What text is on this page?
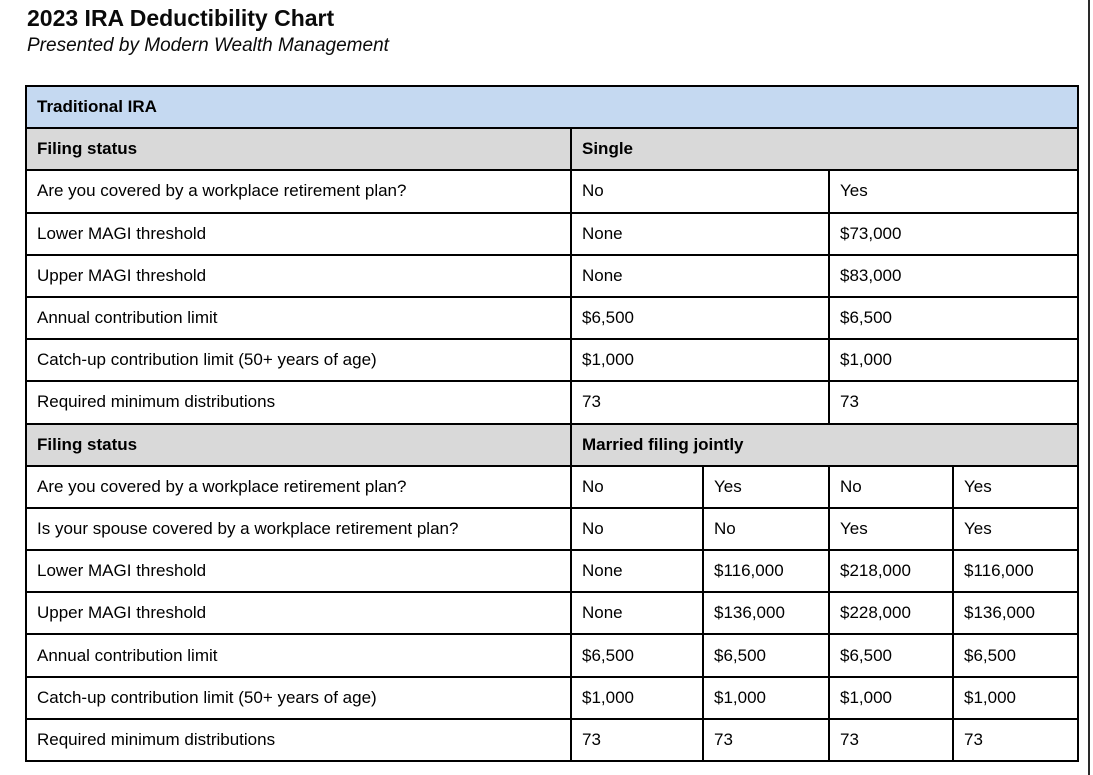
2023 IRA Deductibility Chart

Presented by Modern Wealth Management

Traditional IRA				
Filing status	Single			
Are you covered by a workplace retirement plan?	No		Yes	
Lower MAGI threshold	None		$73,000	
Upper MAGI threshold	None		$83,000	
Annual contribution limit	$6,500		$6,500	
Catch-up contribution limit (50+ years of age)	$1,000		$1,000	
Required minimum distributions	73		73	
Filing status	Married filing jointly			
Are you covered by a workplace retirement plan?	No	Yes	No	Yes
Is your spouse covered by a workplace retirement plan?	No	No	Yes	Yes
Lower MAGI threshold	None	$116,000	$218,000	$116,000
Upper MAGI threshold	None	$136,000	$228,000	$136,000
Annual contribution limit	$6,500	$6,500	$6,500	$6,500
Catch-up contribution limit (50+ years of age)	$1,000	$1,000	$1,000	$1,000
Required minimum distributions	73	73	73	73
